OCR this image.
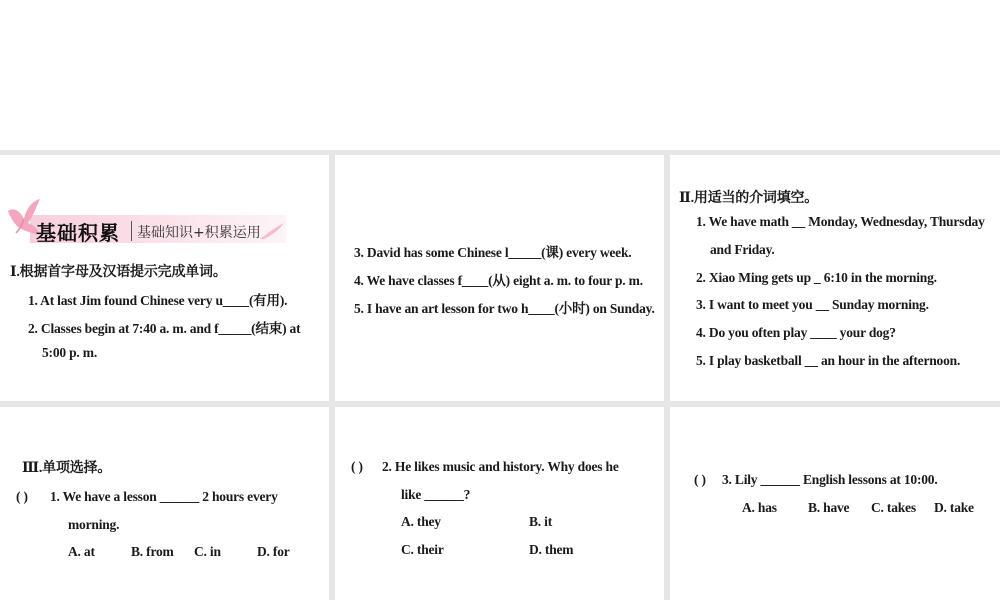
基础积累 基础知识+积累运用
Ⅰ.根据首字母及汉语提示完成单词。
1. At last Jim found Chinese very u____(有用).
2. Classes begin at 7:40 a. m. and f_____(结束) at
5:00 p. m.
3. David has some Chinese l_____(课) every week.
4. We have classes f____(从) eight a. m. to four p. m.
5. I have an art lesson for two h____(小时) on Sunday.
Ⅱ.用适当的介词填空。
1. We have math __ Monday, Wednesday, Thursday
and Friday.
2. Xiao Ming gets up _ 6:10 in the morning.
3. I want to meet you __ Sunday morning.
4. Do you often play ____ your dog?
5. I play basketball __ an hour in the afternoon.
Ⅲ.单项选择。
( ) 1. We have a lesson ______ 2 hours every
morning.
A. at	B. from C. in	D. for
( ) 2. He likes music and history. Why does he
like ______?
A. they	B. it
C. their	D. them
( ) 3. Lily ______ English lessons at 10:00.
A. has B. have C. takes D. take
